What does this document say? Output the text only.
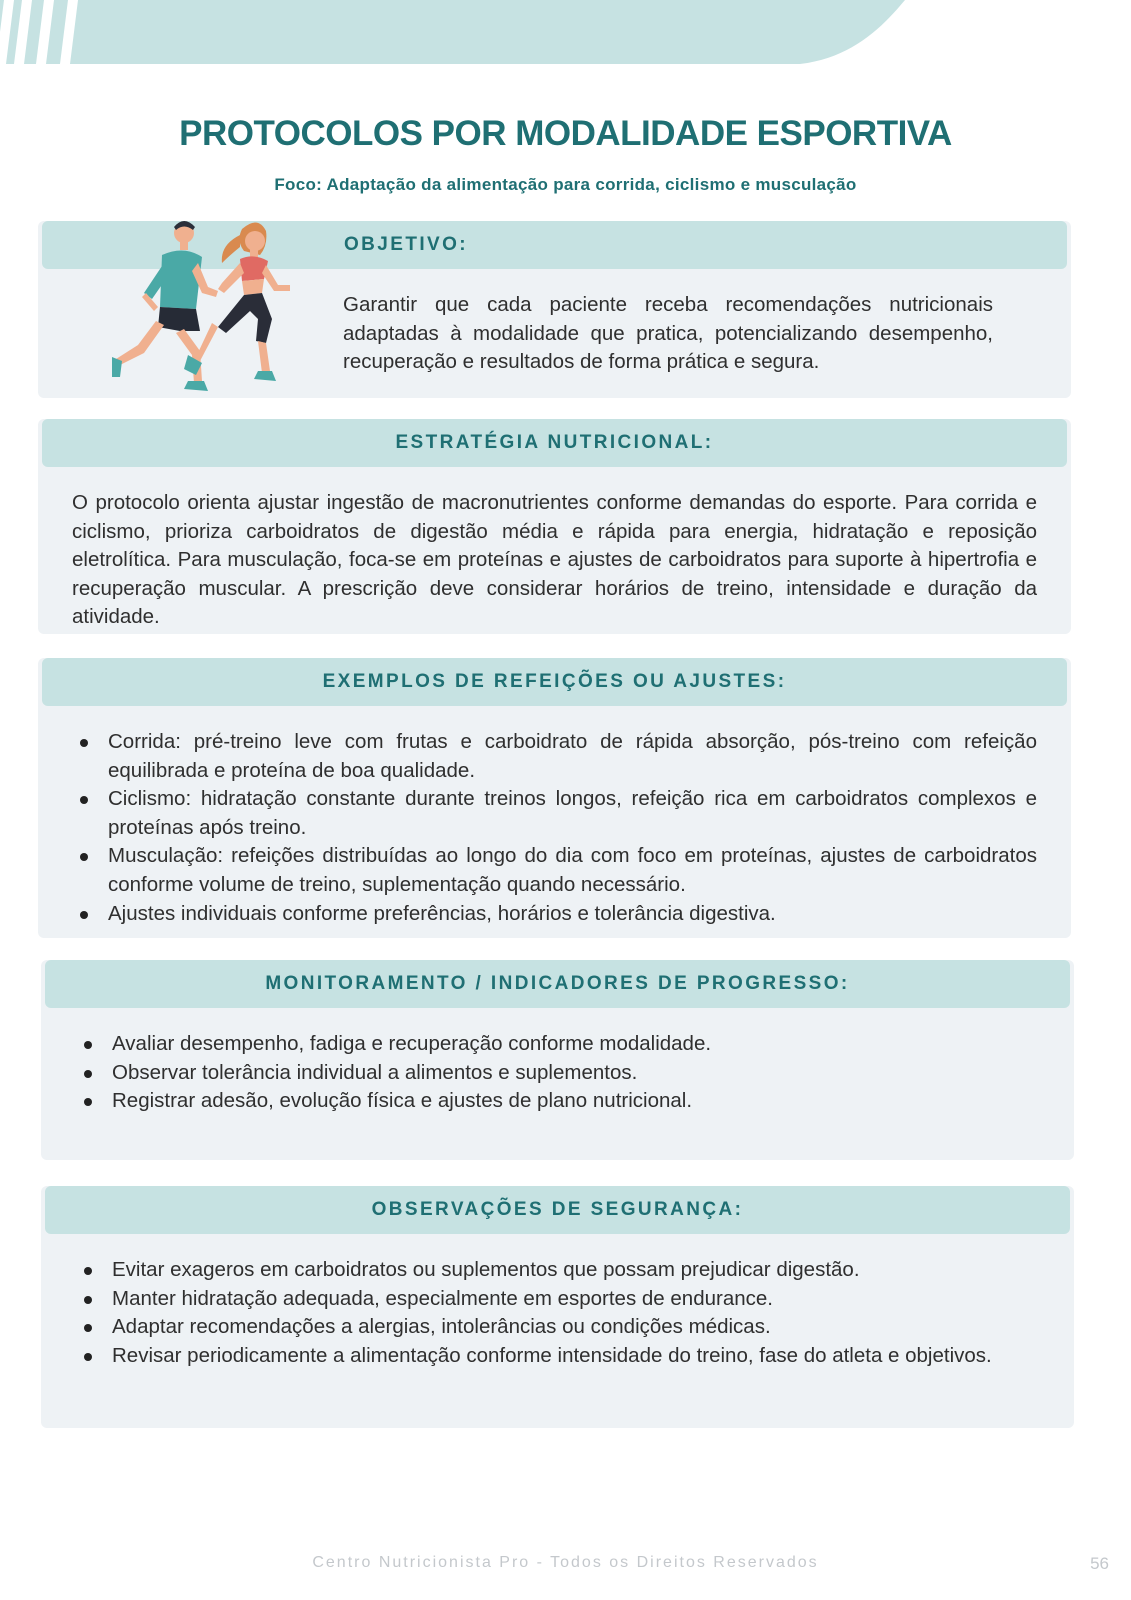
PROTOCOLOS POR MODALIDADE ESPORTIVA
Foco: Adaptação da alimentação para corrida, ciclismo e musculação
OBJETIVO:
Garantir que cada paciente receba recomendações nutricionais adaptadas à modalidade que pratica, potencializando desempenho, recuperação e resultados de forma prática e segura.
ESTRATÉGIA NUTRICIONAL:
O protocolo orienta ajustar ingestão de macronutrientes conforme demandas do esporte. Para corrida e ciclismo, prioriza carboidratos de digestão média e rápida para energia, hidratação e reposição eletrolítica. Para musculação, foca-se em proteínas e ajustes de carboidratos para suporte à hipertrofia e recuperação muscular. A prescrição deve considerar horários de treino, intensidade e duração da atividade.
EXEMPLOS DE REFEIÇÕES OU AJUSTES:
Corrida: pré-treino leve com frutas e carboidrato de rápida absorção, pós-treino com refeição equilibrada e proteína de boa qualidade.
Ciclismo: hidratação constante durante treinos longos, refeição rica em carboidratos complexos e proteínas após treino.
Musculação: refeições distribuídas ao longo do dia com foco em proteínas, ajustes de carboidratos conforme volume de treino, suplementação quando necessário.
Ajustes individuais conforme preferências, horários e tolerância digestiva.
MONITORAMENTO / INDICADORES DE PROGRESSO:
Avaliar desempenho, fadiga e recuperação conforme modalidade.
Observar tolerância individual a alimentos e suplementos.
Registrar adesão, evolução física e ajustes de plano nutricional.
OBSERVAÇÕES DE SEGURANÇA:
Evitar exageros em carboidratos ou suplementos que possam prejudicar digestão.
Manter hidratação adequada, especialmente em esportes de endurance.
Adaptar recomendações a alergias, intolerâncias ou condições médicas.
Revisar periodicamente a alimentação conforme intensidade do treino, fase do atleta e objetivos.
Centro Nutricionista Pro - Todos os Direitos Reservados	56
